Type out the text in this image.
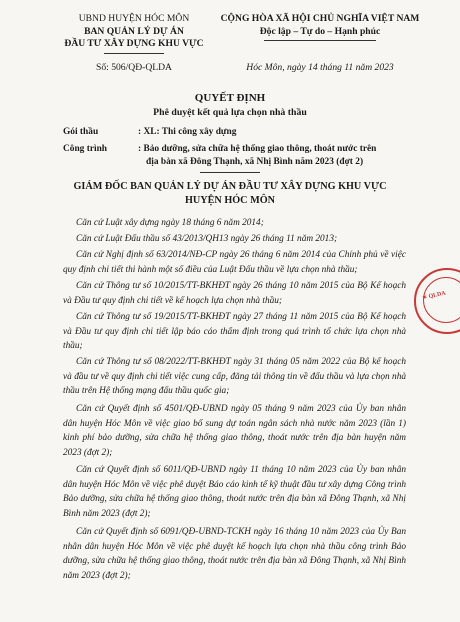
UBND HUYỆN HÓC MÔN
BAN QUẢN LÝ DỰ ÁN
ĐẦU TƯ XÂY DỰNG KHU VỰC
Số: 506/QĐ-QLDA
CỘNG HÒA XÃ HỘI CHỦ NGHĨA VIỆT NAM
Độc lập – Tự do – Hạnh phúc
Hóc Môn, ngày 14 tháng 11 năm 2023
QUYẾT ĐỊNH
Phê duyệt kết quả lựa chọn nhà thầu
Gói thầu	: XL: Thi công xây dựng
Công trình	: Bảo dưỡng, sửa chữa hệ thống giao thông, thoát nước trên
địa bàn xã Đông Thạnh, xã Nhị Bình năm 2023 (đợt 2)
GIÁM ĐỐC BAN QUẢN LÝ DỰ ÁN ĐẦU TƯ XÂY DỰNG KHU VỰC
HUYỆN HÓC MÔN
Căn cứ Luật xây dựng ngày 18 tháng 6 năm 2014;
Căn cứ Luật Đấu thầu số 43/2013/QH13 ngày 26 tháng 11 năm 2013;
Căn cứ Nghị định số 63/2014/NĐ-CP ngày 26 tháng 6 năm 2014 của Chính phủ về việc quy định chi tiết thi hành một số điều của Luật Đấu thầu về lựa chọn nhà thầu;
Căn cứ Thông tư số 10/2015/TT-BKHĐT ngày 26 tháng 10 năm 2015 của Bộ Kế hoạch và Đầu tư quy định chi tiết về kế hoạch lựa chọn nhà thầu;
Căn cứ Thông tư số 19/2015/TT-BKHĐT ngày 27 tháng 11 năm 2015 của Bộ Kế hoạch và Đầu tư quy định chi tiết lập báo cáo thẩm định trong quá trình tổ chức lựa chọn nhà thầu;
Căn cứ Thông tư số 08/2022/TT-BKHĐT ngày 31 tháng 05 năm 2022 của Bộ kế hoạch và đầu tư về quy định chi tiết việc cung cấp, đăng tải thông tin về đấu thầu và lựa chọn nhà thầu trên Hệ thống mạng đấu thầu quốc gia;
Căn cứ Quyết định số 4501/QĐ-UBND ngày 05 tháng 9 năm 2023 của Ủy ban nhân dân huyện Hóc Môn về việc giao bổ sung dự toán ngân sách nhà nước năm 2023 (lần 1) kinh phí bảo dưỡng, sửa chữa hệ thống giao thông, thoát nước trên địa bàn huyện năm 2023 (đợt 2);
Căn cứ Quyết định số 6011/QĐ-UBND ngày 11 tháng 10 năm 2023 của Ủy ban nhân dân huyện Hóc Môn về việc phê duyệt Báo cáo kinh tế kỹ thuật đầu tư xây dựng Công trình Bảo dưỡng, sửa chữa hệ thống giao thông, thoát nước trên địa bàn xã Đông Thạnh, xã Nhị Bình năm 2023 (đợt 2);
Căn cứ Quyết định số 6091/QĐ-UBND-TCKH ngày 16 tháng 10 năm 2023 của Ủy Ban nhân dân huyện Hóc Môn về việc phê duyệt kế hoạch lựa chọn nhà thầu công trình Bảo dưỡng, sửa chữa hệ thống giao thông, thoát nước trên địa bàn xã Đông Thạnh, xã Nhị Bình năm 2023 (đợt 2);
✶ QLDA
